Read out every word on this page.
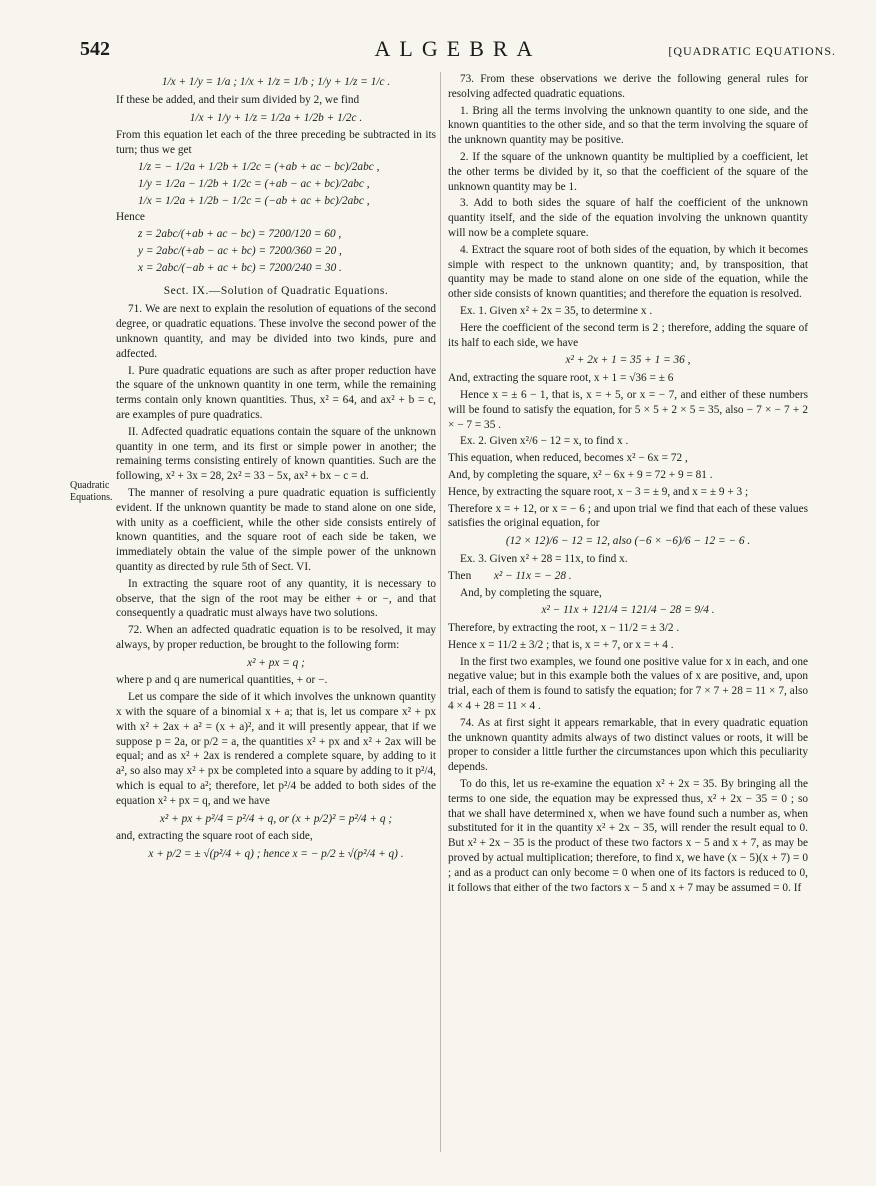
542	ALGEBRA	[QUADRATIC EQUATIONS.
Quadratic Equations.
1/x + 1/y = 1/a ; 1/x + 1/z = 1/b ; 1/y + 1/z = 1/c .

If these be added, and their sum divided by 2, we find

1/x + 1/y + 1/z = 1/2a + 1/2b + 1/2c .

From this equation let each of the three preceding be subtracted in its turn; thus we get

1/z = − 1/2a + 1/2b + 1/2c = (+ab + ac − bc)/2abc ,
1/y = 1/2a − 1/2b + 1/2c = (+ab − ac + bc)/2abc ,
1/x = 1/2a + 1/2b − 1/2c = (−ab + ac + bc)/2abc ,

Hence

z = 2abc/(+ab + ac − bc) = 7200/120 = 60 ,
y = 2abc/(+ab − ac + bc) = 7200/360 = 20 ,
x = 2abc/(−ab + ac + bc) = 7200/240 = 30 .
Sect. IX.—Solution of Quadratic Equations.

71. We are next to explain the resolution of equations of the second degree, or quadratic equations. These involve the second power of the unknown quantity, and may be divided into two kinds, pure and adfected.

I. Pure quadratic equations are such as after proper reduction have the square of the unknown quantity in one term, while the remaining terms contain only known quantities. Thus, x² = 64, and ax² + b = c, are examples of pure quadratics.

II. Adfected quadratic equations contain the square of the unknown quantity in one term, and its first or simple power in another; the remaining terms consisting entirely of known quantities. Such are the following, x² + 3x = 28, 2x² = 33 − 5x, ax² + bx − c = d.

The manner of resolving a pure quadratic equation is sufficiently evident. If the unknown quantity be made to stand alone on one side, with unity as a coefficient, while the other side consists entirely of known quantities, and the square root of each side be taken, we immediately obtain the value of the simple power of the unknown quantity as directed by rule 5th of Sect. VI.

In extracting the square root of any quantity, it is necessary to observe, that the sign of the root may be either + or −, and that consequently a quadratic must always have two solutions.

72. When an adfected quadratic equation is to be resolved, it may always, by proper reduction, be brought to the following form:

x² + px = q ;

where p and q are numerical quantities, + or −.

Let us compare the side of it which involves the unknown quantity x with the square of a binomial x + a; that is, let us compare x² + px with x² + 2ax + a² = (x + a)², and it will presently appear, that if we suppose p = 2a, or p/2 = a, the quantities x² + px and x² + 2ax will be equal; and as x² + 2ax is rendered a complete square, by adding to it a², so also may x² + px be completed into a square by adding to it p²/4, which is equal to a²; therefore, let p²/4 be added to both sides of the equation x² + px = q, and we have

x² + px + p²/4 = p²/4 + q, or (x + p/2)² = p²/4 + q ;

and, extracting the square root of each side,

x + p/2 = ± √(p²/4 + q) ; hence x = − p/2 ± √(p²/4 + q) .

73. From these observations we derive the following general rules for resolving adfected quadratic equations.

1. Bring all the terms involving the unknown quantity to one side, and the known quantities to the other side, and so that the term involving the square of the unknown quantity may be positive.

2. If the square of the unknown quantity be multiplied by a coefficient, let the other terms be divided by it, so that the coefficient of the square of the unknown quantity may be 1.

3. Add to both sides the square of half the coefficient of the unknown quantity itself, and the side of the equation involving the unknown quantity will now be a complete square.

4. Extract the square root of both sides of the equation, by which it becomes simple with respect to the unknown quantity; and, by transposition, that quantity may be made to stand alone on one side of the equation, while the other side consists of known quantities; and therefore the equation is resolved.

Ex. 1. Given x² + 2x = 35, to determine x .

Here the coefficient of the second term is 2 ; therefore, adding the square of its half to each side, we have

x² + 2x + 1 = 35 + 1 = 36 ,

And, extracting the square root, x + 1 = √36 = ± 6

Hence x = ± 6 − 1, that is, x = + 5, or x = − 7, and either of these numbers will be found to satisfy the equation, for 5 × 5 + 2 × 5 = 35, also − 7 × − 7 + 2 × − 7 = 35 .

Ex. 2. Given x²/6 − 12 = x, to find x .

This equation, when reduced, becomes x² − 6x = 72 ,

And, by completing the square, x² − 6x + 9 = 72 + 9 = 81 .

Hence, by extracting the square root, x − 3 = ± 9, and x = ± 9 + 3 ;

Therefore x = + 12, or x = − 6 ; and upon trial we find that each of these values satisfies the original equation, for

(12 × 12)/6 − 12 = 12, also (−6 × −6)/6 − 12 = − 6 .

Ex. 3. Given x² + 28 = 11x, to find x.

Then x² − 11x = − 28 .

And, by completing the square,

x² − 11x + 121/4 = 121/4 − 28 = 9/4 .

Therefore, by extracting the root, x − 11/2 = ± 3/2 .

Hence x = 11/2 ± 3/2 ; that is, x = + 7, or x = + 4 .

In the first two examples, we found one positive value for x in each, and one negative value; but in this example both the values of x are positive, and, upon trial, each of them is found to satisfy the equation; for 7 × 7 + 28 = 11 × 7, also 4 × 4 + 28 = 11 × 4 .

74. As at first sight it appears remarkable, that in every quadratic equation the unknown quantity admits always of two distinct values or roots, it will be proper to consider a little further the circumstances upon which this peculiarity depends.

To do this, let us re-examine the equation x² + 2x = 35. By bringing all the terms to one side, the equation may be expressed thus, x² + 2x − 35 = 0 ; so that we shall have determined x, when we have found such a number as, when substituted for it in the quantity x² + 2x − 35, will render the result equal to 0. But x² + 2x − 35 is the product of these two factors x − 5 and x + 7, as may be proved by actual multiplication; therefore, to find x, we have (x − 5)(x + 7) = 0 ; and as a product can only become = 0 when one of its factors is reduced to 0, it follows that either of the two factors x − 5 and x + 7 may be assumed = 0. If
